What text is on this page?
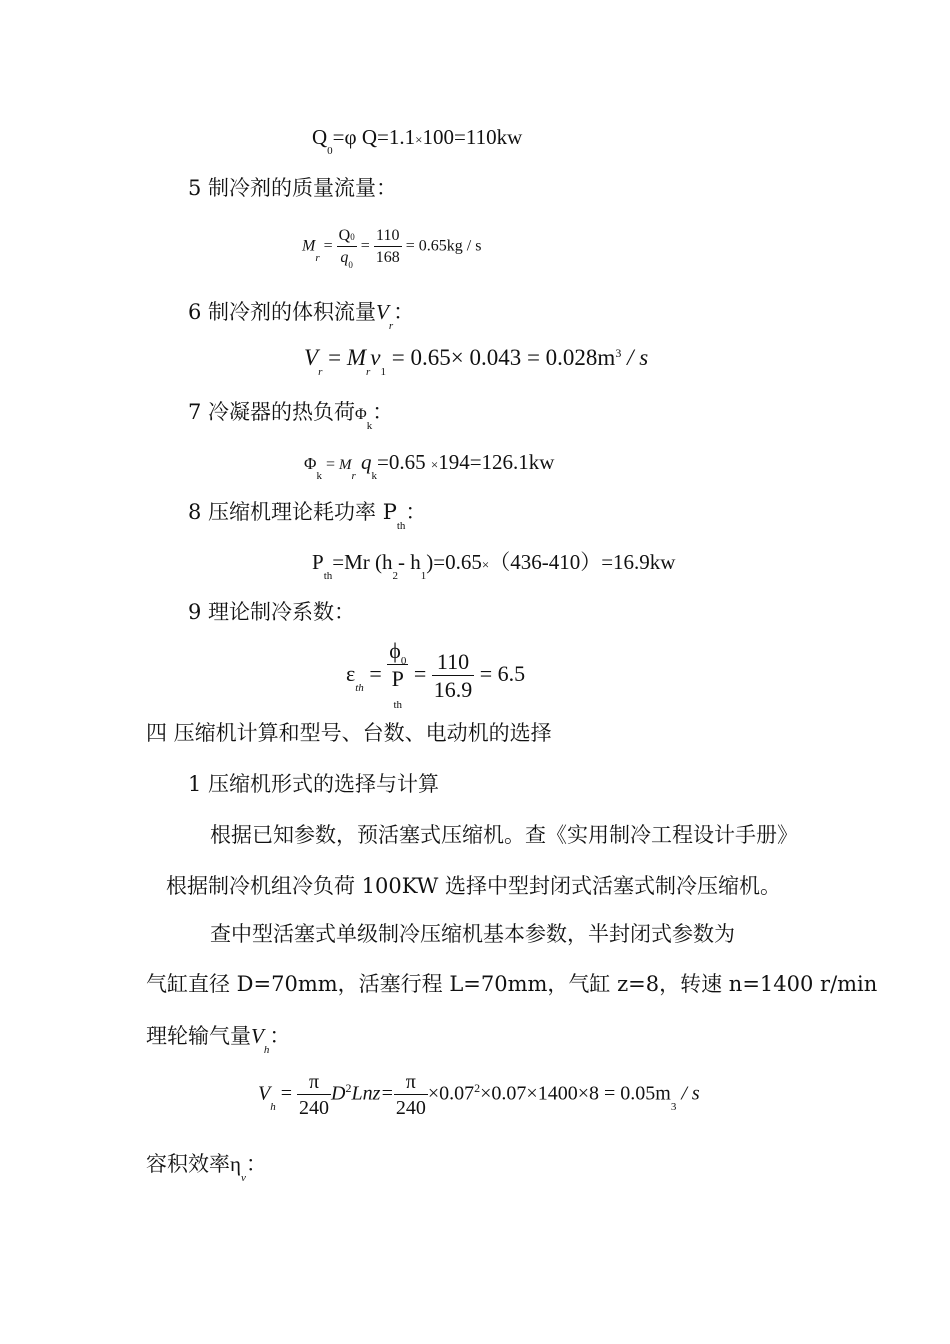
$Q_0=\varphi$ Q=1.1×100=110kw
5 制冷剂的质量流量：
$M_r = \frac{Q0}{q_0} = \frac{110}{168} = 0.65kg / s$
6 制冷剂的体积流量$V_r$：
$V_r = M_rv_1 = 0.65\times 0.043 = 0.028m^3 / s$
7 冷凝器的热负荷$\Phi_k$：
$\Phi_k = M_r$ $q_k=0.65 \times 194=126.1kw$
8 压缩机理论耗功率 $P_{th}$：
$P_{th}=Mr$ ($h_2-$ $h_1)=0.65\times(436-410)=16.9kw$
9 理论制冷系数：
$\varepsilon_{th}$ =
$\phi_0$
P
th
= $\frac{110}{16.9} = 6.5$
四 压缩机计算和型号、台数、电动机的选择
1 压缩机形式的选择与计算
根据已知参数，预活塞式压缩机。查《实用制冷工程设计手册》
根据制冷机组冷负荷 100KW 选择中型封闭式活塞式制冷压缩机。
查中型活塞式单级制冷压缩机基本参数，半封闭式参数为
气缸直径 D=70mm，活塞行程 L=70mm，气缸 z=8，转速 n=1400 r/min
理轮输气量$V_h$：
$V_h = \frac{\pi}{240} D^2Lnz= \frac{\pi}{240} \times 0.07^2\times 0.07\times 1400\times 8 = 0.05m_3 / s$
容积效率$\eta_v$：
